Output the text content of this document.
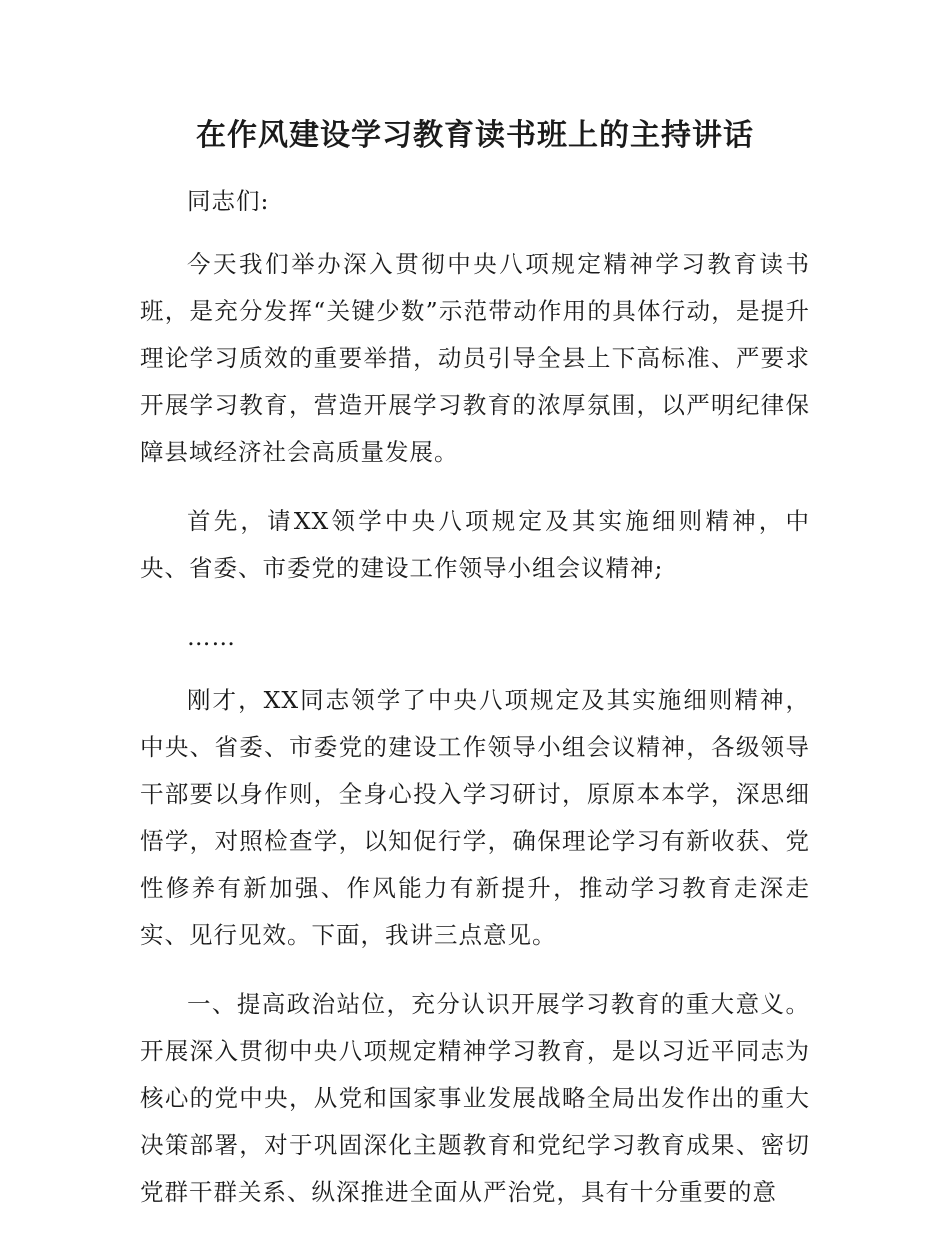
在作风建设学习教育读书班上的主持讲话

同志们:

今天我们举办深入贯彻中央八项规定精神学习教育读书班，是充分发挥“关键少数”示范带动作用的具体行动，是提升理论学习质效的重要举措，动员引导全县上下高标准、严要求开展学习教育，营造开展学习教育的浓厚氛围，以严明纪律保障县域经济社会高质量发展。

首先，请XX领学中央八项规定及其实施细则精神，中央、省委、市委党的建设工作领导小组会议精神;

……

刚才，XX同志领学了中央八项规定及其实施细则精神，中央、省委、市委党的建设工作领导小组会议精神，各级领导干部要以身作则，全身心投入学习研讨，原原本本学，深思细悟学，对照检查学，以知促行学，确保理论学习有新收获、党性修养有新加强、作风能力有新提升，推动学习教育走深走实、见行见效。下面，我讲三点意见。

一、提高政治站位，充分认识开展学习教育的重大意义。开展深入贯彻中央八项规定精神学习教育，是以习近平同志为核心的党中央，从党和国家事业发展战略全局出发作出的重大决策部署，对于巩固深化主题教育和党纪学习教育成果、密切党群干群关系、纵深推进全面从严治党，具有十分重要的意
